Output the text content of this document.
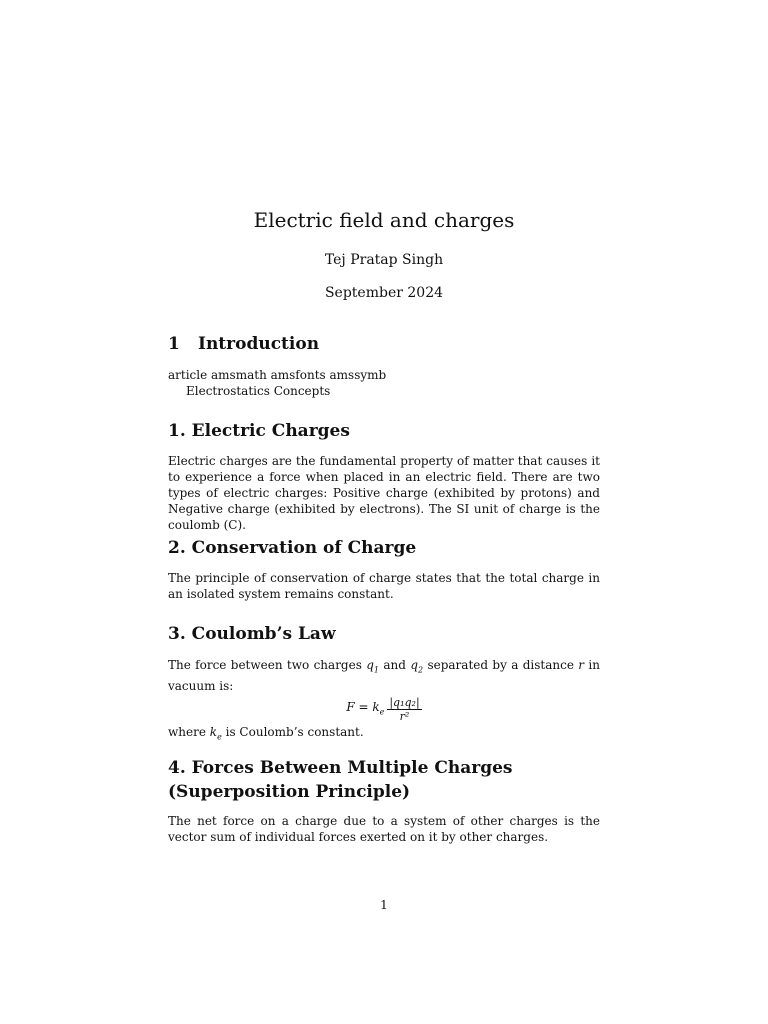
Electric field and charges
Tej Pratap Singh
September 2024
1 Introduction

article amsmath amsfonts amssymb

Electrostatics Concepts

1. Electric Charges

Electric charges are the fundamental property of matter that causes it to experience a force when placed in an electric field. There are two types of electric charges: Positive charge (exhibited by protons) and Negative charge (exhibited by electrons). The SI unit of charge is the coulomb (C).

2. Conservation of Charge

The principle of conservation of charge states that the total charge in an isolated system remains constant.

3. Coulomb’s Law

The force between two charges $q_1$ and $q_2$ separated by a distance r in vacuum is:

$F = k_e \frac{\text{|q₁q₂|}}{\text{r²}}$

where $k_e$ is Coulomb’s constant.

4. Forces Between Multiple Charges (Superposition Principle)

The net force on a charge due to a system of other charges is the vector sum of individual forces exerted on it by other charges.

1
